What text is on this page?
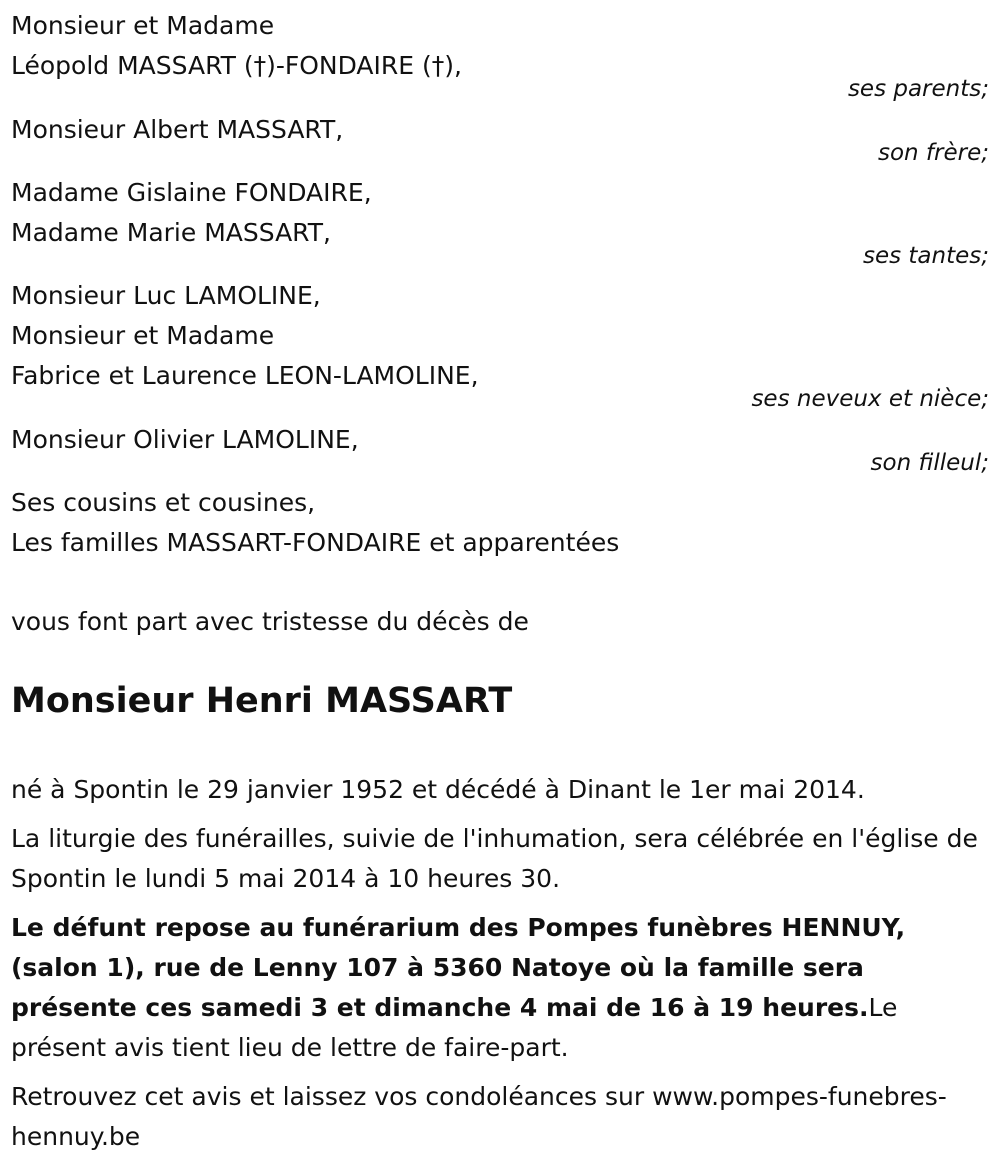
Monsieur et Madame
Léopold MASSART (†)-FONDAIRE (†),
ses parents;
Monsieur Albert MASSART,
son frère;
Madame Gislaine FONDAIRE,
Madame Marie MASSART,
ses tantes;
Monsieur Luc LAMOLINE,
Monsieur et Madame
Fabrice et Laurence LEON-LAMOLINE,
ses neveux et nièce;
Monsieur Olivier LAMOLINE,
son filleul;
Ses cousins et cousines,
Les familles MASSART-FONDAIRE et apparentées
vous font part avec tristesse du décès de
Monsieur Henri MASSART
né à Spontin le 29 janvier 1952 et décédé à Dinant le 1er mai 2014.
La liturgie des funérailles, suivie de l'inhumation, sera célébrée en l'église de Spontin le lundi 5 mai 2014 à 10 heures 30.
Le défunt repose au funérarium des Pompes funèbres HENNUY, (salon 1), rue de Lenny 107 à 5360 Natoye où la famille sera présente ces samedi 3 et dimanche 4 mai de 16 à 19 heures.Le présent avis tient lieu de lettre de faire-part.
Retrouvez cet avis et laissez vos condoléances sur www.pompes-funebres-hennuy.be
